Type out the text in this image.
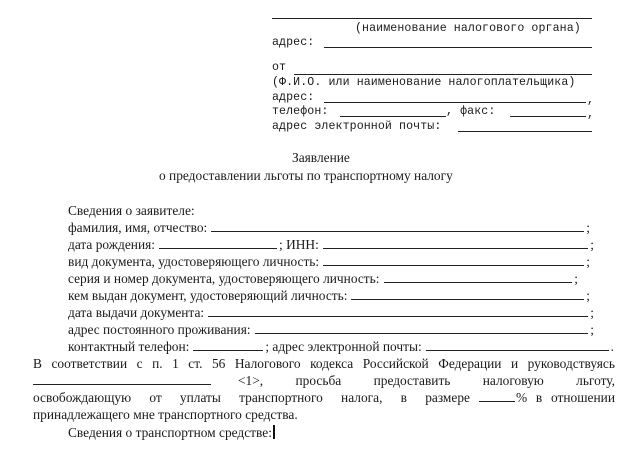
(наименование налогового органа)
адрес:
от
(Ф.И.О. или наименование налогоплательщика)
адрес:	,
телефон:	, факс:	,
адрес электронной почты:
Заявление
о предоставлении льготы по транспортному налогу
Сведения о заявителе:
фамилия, имя, отчество:	;
дата рождения:	; ИНН:	;
вид документа, удостоверяющего личность:	;
серия и номер документа, удостоверяющего личность:	;
кем выдан документ, удостоверяющий личность:	;
дата выдачи документа:	;
адрес постоянного проживания:	;
контактный телефон:	; адрес электронной почты:	.
В соответствии с п. 1 ст. 56 Налогового кодекса Российской Федерации и руководствуясь
<1>, просьба предоставить налоговую льготу,
освобождающую от уплаты транспортного налога, в размере	% в отношении
принадлежащего мне транспортного средства.
Сведения о транспортном средстве:
